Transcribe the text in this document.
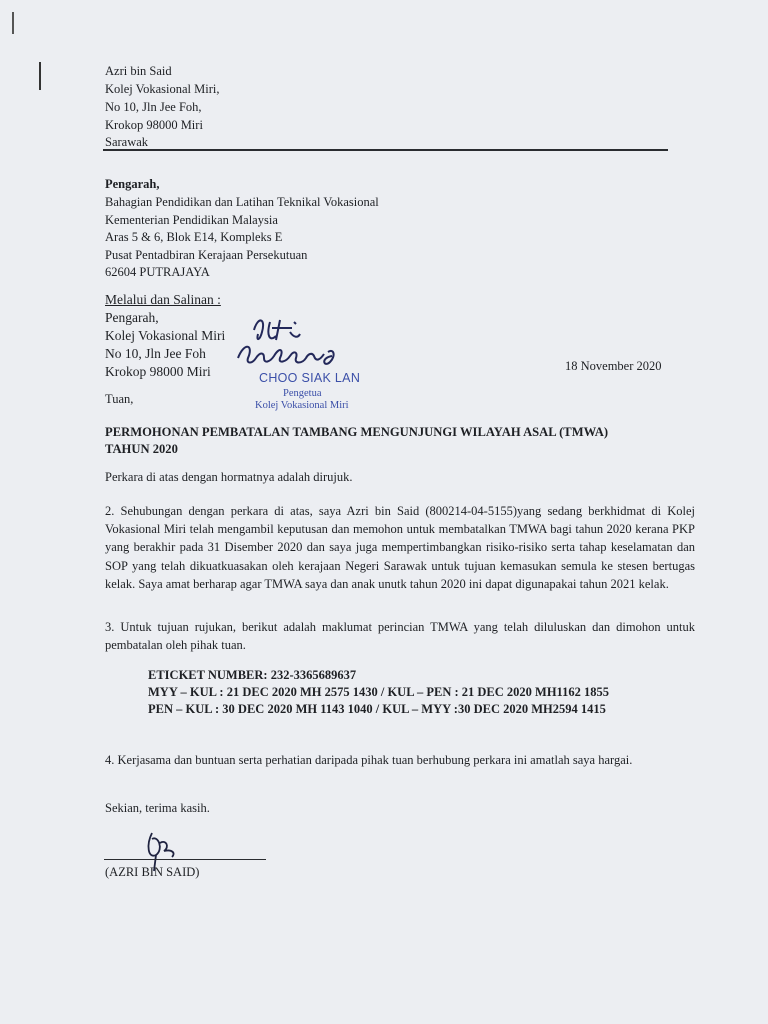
Azri bin Said
Kolej Vokasional Miri,
No 10, Jln Jee Foh,
Krokop 98000 Miri
Sarawak
Pengarah,
Bahagian Pendidikan dan Latihan Teknikal Vokasional
Kementerian Pendidikan Malaysia
Aras 5 & 6, Blok E14, Kompleks E
Pusat Pentadbiran Kerajaan Persekutuan
62604 PUTRAJAYA
Melalui dan Salinan :
Pengarah,
Kolej Vokasional Miri
No 10, Jln Jee Foh
Krokop 98000 Miri	18 November 2020
CHOO SIAK LAN
Pengetua
Kolej Vokasional Miri
Tuan,
PERMOHONAN PEMBATALAN TAMBANG MENGUNJUNGI WILAYAH ASAL (TMWA)
TAHUN 2020
Perkara di atas dengan hormatnya adalah dirujuk.
2. Sehubungan dengan perkara di atas, saya Azri bin Said (800214-04-5155)yang sedang berkhidmat di Kolej Vokasional Miri telah mengambil keputusan dan memohon untuk membatalkan TMWA bagi tahun 2020 kerana PKP yang berakhir pada 31 Disember 2020 dan saya juga mempertimbangkan risiko-risiko serta tahap keselamatan dan SOP yang telah dikuatkuasakan oleh kerajaan Negeri Sarawak untuk tujuan kemasukan semula ke stesen bertugas kelak. Saya amat berharap agar TMWA saya dan anak unutk tahun 2020 ini dapat digunapakai tahun 2021 kelak.
3. Untuk tujuan rujukan, berikut adalah maklumat perincian TMWA yang telah diluluskan dan dimohon untuk pembatalan oleh pihak tuan.
ETICKET NUMBER: 232-3365689637
MYY – KUL : 21 DEC 2020 MH 2575 1430 / KUL – PEN : 21 DEC 2020 MH1162 1855
PEN – KUL : 30 DEC 2020 MH 1143 1040 / KUL – MYY :30 DEC 2020 MH2594 1415
4. Kerjasama dan buntuan serta perhatian daripada pihak tuan berhubung perkara ini amatlah saya hargai.
Sekian, terima kasih.
(AZRI BIN SAID)
